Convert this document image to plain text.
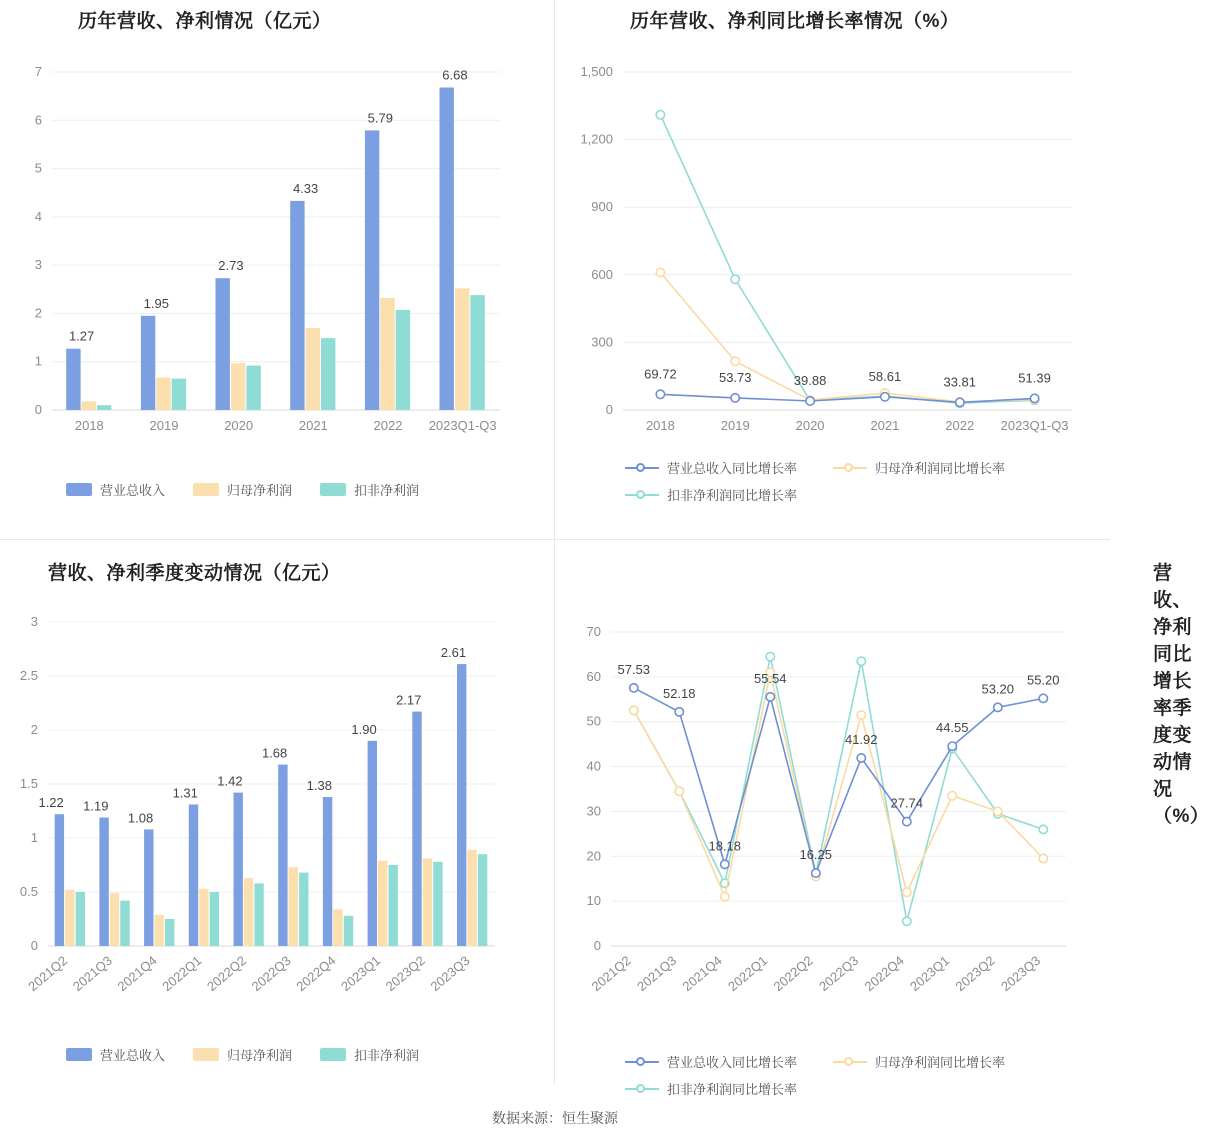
历年营收、净利情况（亿元）
0
1
2
3
4
5
6
7
2018
1.27
2019
1.95
2020
2.73
2021
4.33
2022
5.79
2023Q1-Q3
6.68
营业总收入	归母净利润	扣非净利润
历年营收、净利同比增长率情况（%）
0
300
600
900
1,200
1,500
2018	2019	2020	2021	2022 2023Q1-Q3
69.72	53.73	39.88	58.61	33.81	51.39
营业总收入同比增长率	归母净利润同比增长率
扣非净利润同比增长率
营收、净利季度变动情况（亿元）
0
0.5
1
1.5
2
2.5
3
2021Q2
1.22
2021Q3
1.19
2021Q4
1.08
2022Q1
1.31
2022Q2
1.42
2022Q3
1.68
2022Q4
1.38
2023Q1
1.90
2023Q2
2.17
2023Q3
2.61
营业总收入	归母净利润	扣非净利润
营收、净利同比增长率季度变动情况（%）
0
10
20
30
40
50
60
70
2021Q2 2021Q3 2021Q4 2022Q1 2022Q2 2022Q3 2022Q4 2023Q1 2023Q2 2023Q3
57.53
52.18
18.18
55.54
16.25
41.92
27.74
44.55
53.20
55.20
营业总收入同比增长率	归母净利润同比增长率
扣非净利润同比增长率
数据来源：恒生聚源
